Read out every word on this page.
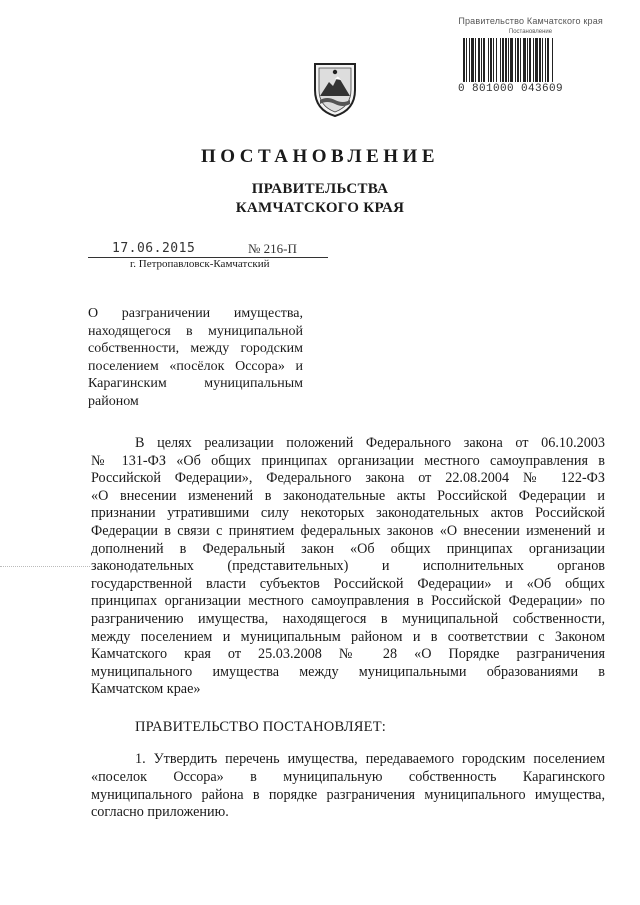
Правительство Камчатского края
Постановление
0 801000 043609
ПОСТАНОВЛЕНИЕ
ПРАВИТЕЛЬСТВА
КАМЧАТСКОГО КРАЯ
17.06.2015	№ 216-П
г. Петропавловск-Камчатский
О разграничении имущества,
находящегося в муниципальной
собственности, между городским
поселением «посёлок Оссора» и
Карагинским муниципальным
районом
В целях реализации положений Федерального закона от 06.10.2003
№ 131-ФЗ «Об общих принципах организации местного самоуправления в
Российской Федерации», Федерального закона от 22.08.2004 № 122-ФЗ
«О внесении изменений в законодательные акты Российской Федерации и
признании утратившими силу некоторых законодательных актов Российской
Федерации в связи с принятием федеральных законов «О внесении изменений и
дополнений в Федеральный закон «Об общих принципах организации
законодательных (представительных) и исполнительных органов
государственной власти субъектов Российской Федерации» и «Об общих
принципах организации местного самоуправления в Российской Федерации» по
разграничению имущества, находящегося в муниципальной собственности,
между поселением и муниципальным районом и в соответствии с Законом
Камчатского края от 25.03.2008 № 28 «О Порядке разграничения
муниципального имущества между муниципальными образованиями в
Камчатском крае»
ПРАВИТЕЛЬСТВО ПОСТАНОВЛЯЕТ:
1. Утвердить перечень имущества, передаваемого городским поселением
«поселок Оссора» в муниципальную собственность Карагинского
муниципального района в порядке разграничения муниципального имущества,
согласно приложению.
